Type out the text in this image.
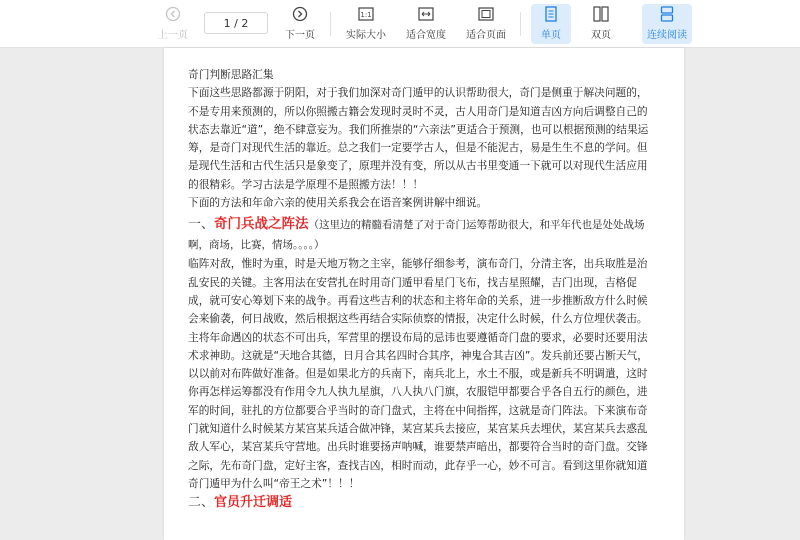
上一页
1 / 2
下一页
1:1
实际大小 适合宽度 适合页面	单页	双页	连续阅读

奇门判断思路汇集

下面这些思路都源于阴阳，对于我们加深对奇门遁甲的认识帮助很大，奇门是侧重于解决问题的，不是专用来预测的，所以你照搬古籍会发现时灵时不灵，古人用奇门是知道吉凶方向后调整自己的状态去靠近“道”，绝不肆意妄为。我们所推崇的“六亲法”更适合于预测，也可以根据预测的结果运筹，是奇门对现代生活的靠近。总之我们一定要学古人，但是不能泥古，易是生生不息的学问。但是现代生活和古代生活只是象变了，原理并没有变，所以从古书里变通一下就可以对现代生活应用的很精彩。学习古法是学原理不是照搬方法！！！

下面的方法和年命六亲的使用关系我会在语音案例讲解中细说。

一、奇门兵战之阵法（这里边的精髓看清楚了对于奇门运筹帮助很大，和平年代也是处处战场啊，商场，比赛，情场。。。。）

临阵对敌，惟时为重，时是天地万物之主宰，能够仔细参考，演布奇门，分清主客，出兵取胜是治乱安民的关键。主客用法在安营扎在时用奇门遁甲看星门飞布，找吉星照耀，吉门出现，吉格促成，就可安心筹划下来的战争。再看这些吉利的状态和主将年命的关系，进一步推断敌方什么时候会来偷袭，何日战败，然后根据这些再结合实际侦察的情报，决定什么时候，什么方位埋伏袭击。主将年命遇凶的状态不可出兵，军营里的摆设布局的忌讳也要遵循奇门盘的要求，必要时还要用法术求神助。这就是“天地合其德，日月合其名四时合其序，神鬼合其吉凶”。发兵前还要占断天气，以以前对布阵做好准备。但是如果北方的兵南下，南兵北上，水土不服，或是新兵不明调遣，这时你再怎样运筹都没有作用令九人执九星旗，八人执八门旗，农服铠甲都要合乎各自五行的颜色，进军的时间，驻扎的方位都要合乎当时的奇门盘式，主将在中间指挥，这就是奇门阵法。下来演布奇门就知道什么时候某方某宫某兵适合做冲锋，某宫某兵去接应，某宫某兵去埋伏，某宫某兵去惑乱敌人军心，某宫某兵守营地。出兵时谁要扬声呐喊，谁要禁声暗出，都要符合当时的奇门盘。交锋之际，先布奇门盘，定好主客，查找吉凶，相时而动，此存乎一心，妙不可言。看到这里你就知道奇门遁甲为什么叫“帝王之术”！！！

二、官员升迁调适
